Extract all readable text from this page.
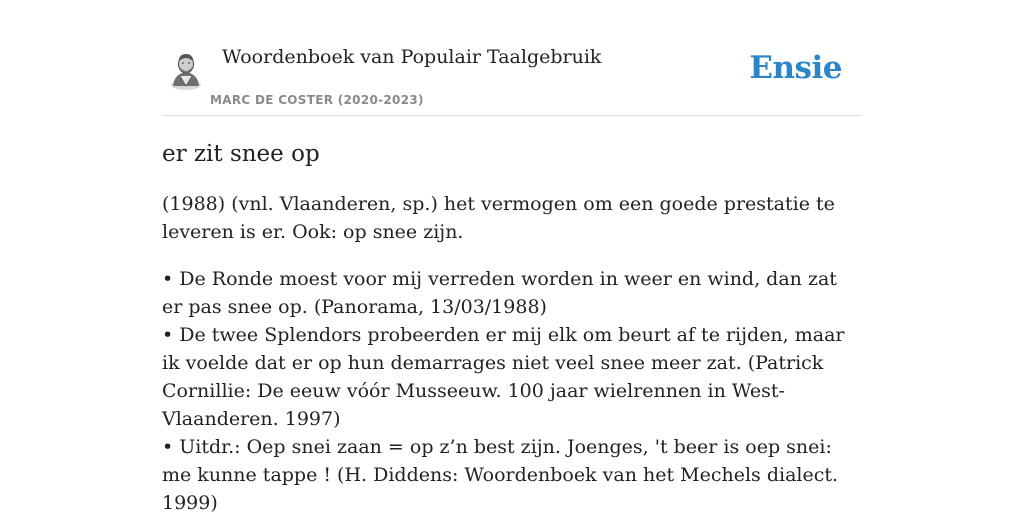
Woordenboek van Populair Taalgebruik
MARC DE COSTER (2020-2023)
Ensie
er zit snee op

(1988) (vnl. Vlaanderen, sp.) het vermogen om een goede prestatie te leveren is er. Ook: op snee zijn.

• De Ronde moest voor mij verreden worden in weer en wind, dan zat er pas snee op. (Panorama, 13/03/1988)
• De twee Splendors probeerden er mij elk om beurt af te rijden, maar ik voelde dat er op hun demarrages niet veel snee meer zat. (Patrick Cornillie: De eeuw vóór Musseeuw. 100 jaar wielrennen in West-Vlaanderen. 1997)
• Uitdr.: Oep snei zaan = op z’n best zijn. Joenges, 't beer is oep snei: me kunne tappe ! (H. Diddens: Woordenboek van het Mechels dialect. 1999)
